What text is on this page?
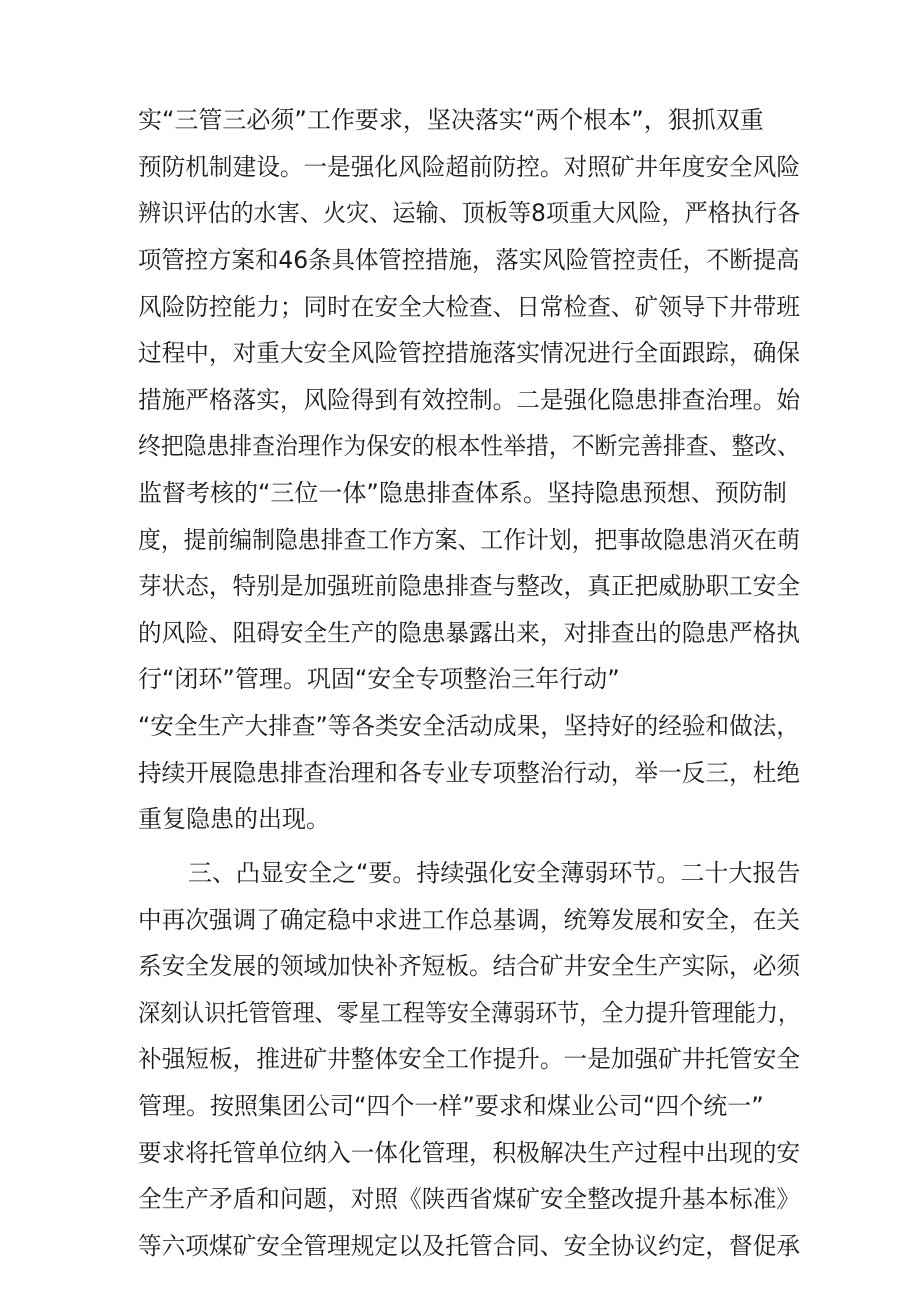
实“三管三必须”工作要求，坚决落实“两个根本”，狠抓双重
预防机制建设。一是强化风险超前防控。对照矿井年度安全风险
辨识评估的水害、火灾、运输、顶板等8项重大风险，严格执行各
项管控方案和46条具体管控措施，落实风险管控责任，不断提高
风险防控能力；同时在安全大检查、日常检查、矿领导下井带班
过程中，对重大安全风险管控措施落实情况进行全面跟踪，确保
措施严格落实，风险得到有效控制。二是强化隐患排查治理。始
终把隐患排查治理作为保安的根本性举措，不断完善排查、整改、
监督考核的“三位一体”隐患排查体系。坚持隐患预想、预防制
度，提前编制隐患排查工作方案、工作计划，把事故隐患消灭在萌
芽状态，特别是加强班前隐患排查与整改，真正把威胁职工安全
的风险、阻碍安全生产的隐患暴露出来，对排查出的隐患严格执
行“闭环”管理。巩固“安全专项整治三年行动”
“安全生产大排查”等各类安全活动成果，坚持好的经验和做法，
持续开展隐患排查治理和各专业专项整治行动，举一反三，杜绝
重复隐患的出现。
三、凸显安全之“要。持续强化安全薄弱环节。二十大报告
中再次强调了确定稳中求进工作总基调，统筹发展和安全，在关
系安全发展的领域加快补齐短板。结合矿井安全生产实际，必须
深刻认识托管管理、零星工程等安全薄弱环节，全力提升管理能力，
补强短板，推进矿井整体安全工作提升。一是加强矿井托管安全
管理。按照集团公司“四个一样”要求和煤业公司“四个统一”
要求将托管单位纳入一体化管理，积极解决生产过程中出现的安
全生产矛盾和问题，对照《陕西省煤矿安全整改提升基本标准》
等六项煤矿安全管理规定以及托管合同、安全协议约定，督促承
